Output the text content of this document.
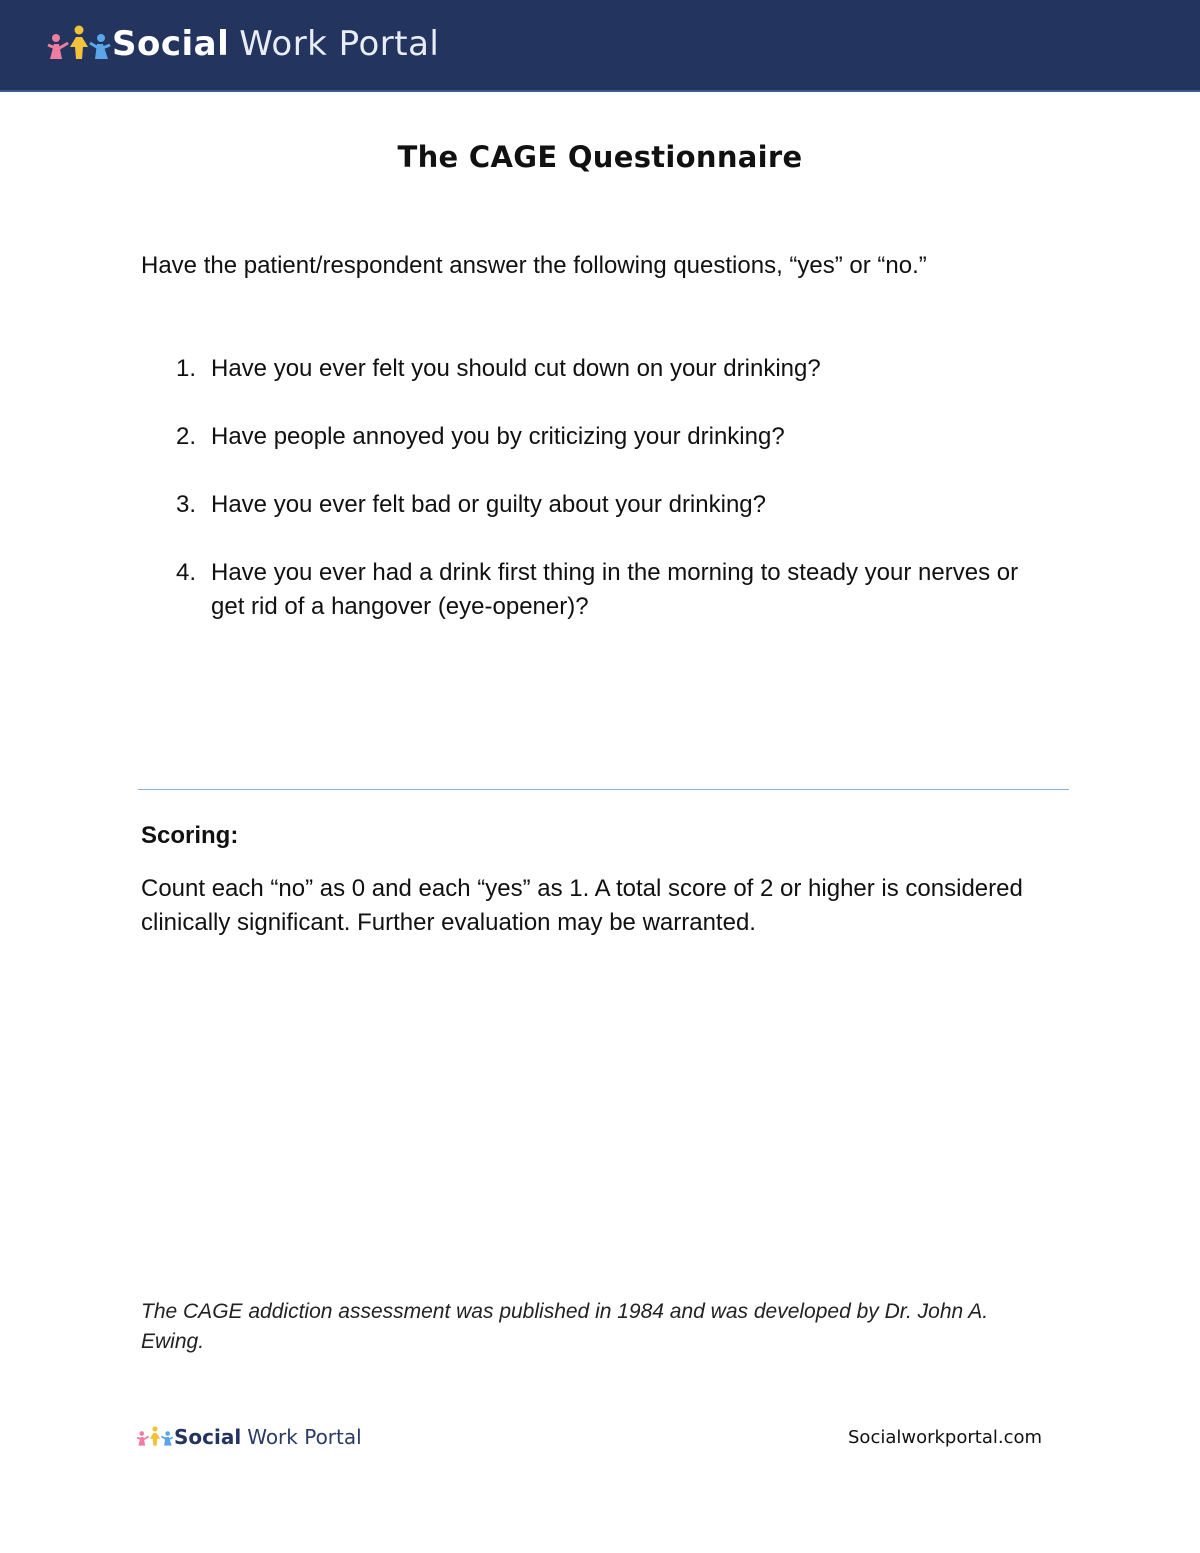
Social Work Portal
The CAGE Questionnaire
Have the patient/respondent answer the following questions, “yes” or “no.”
1. Have you ever felt you should cut down on your drinking?
2. Have people annoyed you by criticizing your drinking?
3. Have you ever felt bad or guilty about your drinking?
4. Have you ever had a drink first thing in the morning to steady your nerves or get rid of a hangover (eye-opener)?
Scoring:
Count each “no” as 0 and each “yes” as 1. A total score of 2 or higher is considered clinically significant. Further evaluation may be warranted.
The CAGE addiction assessment was published in 1984 and was developed by Dr. John A. Ewing.
Social Work Portal	Socialworkportal.com
